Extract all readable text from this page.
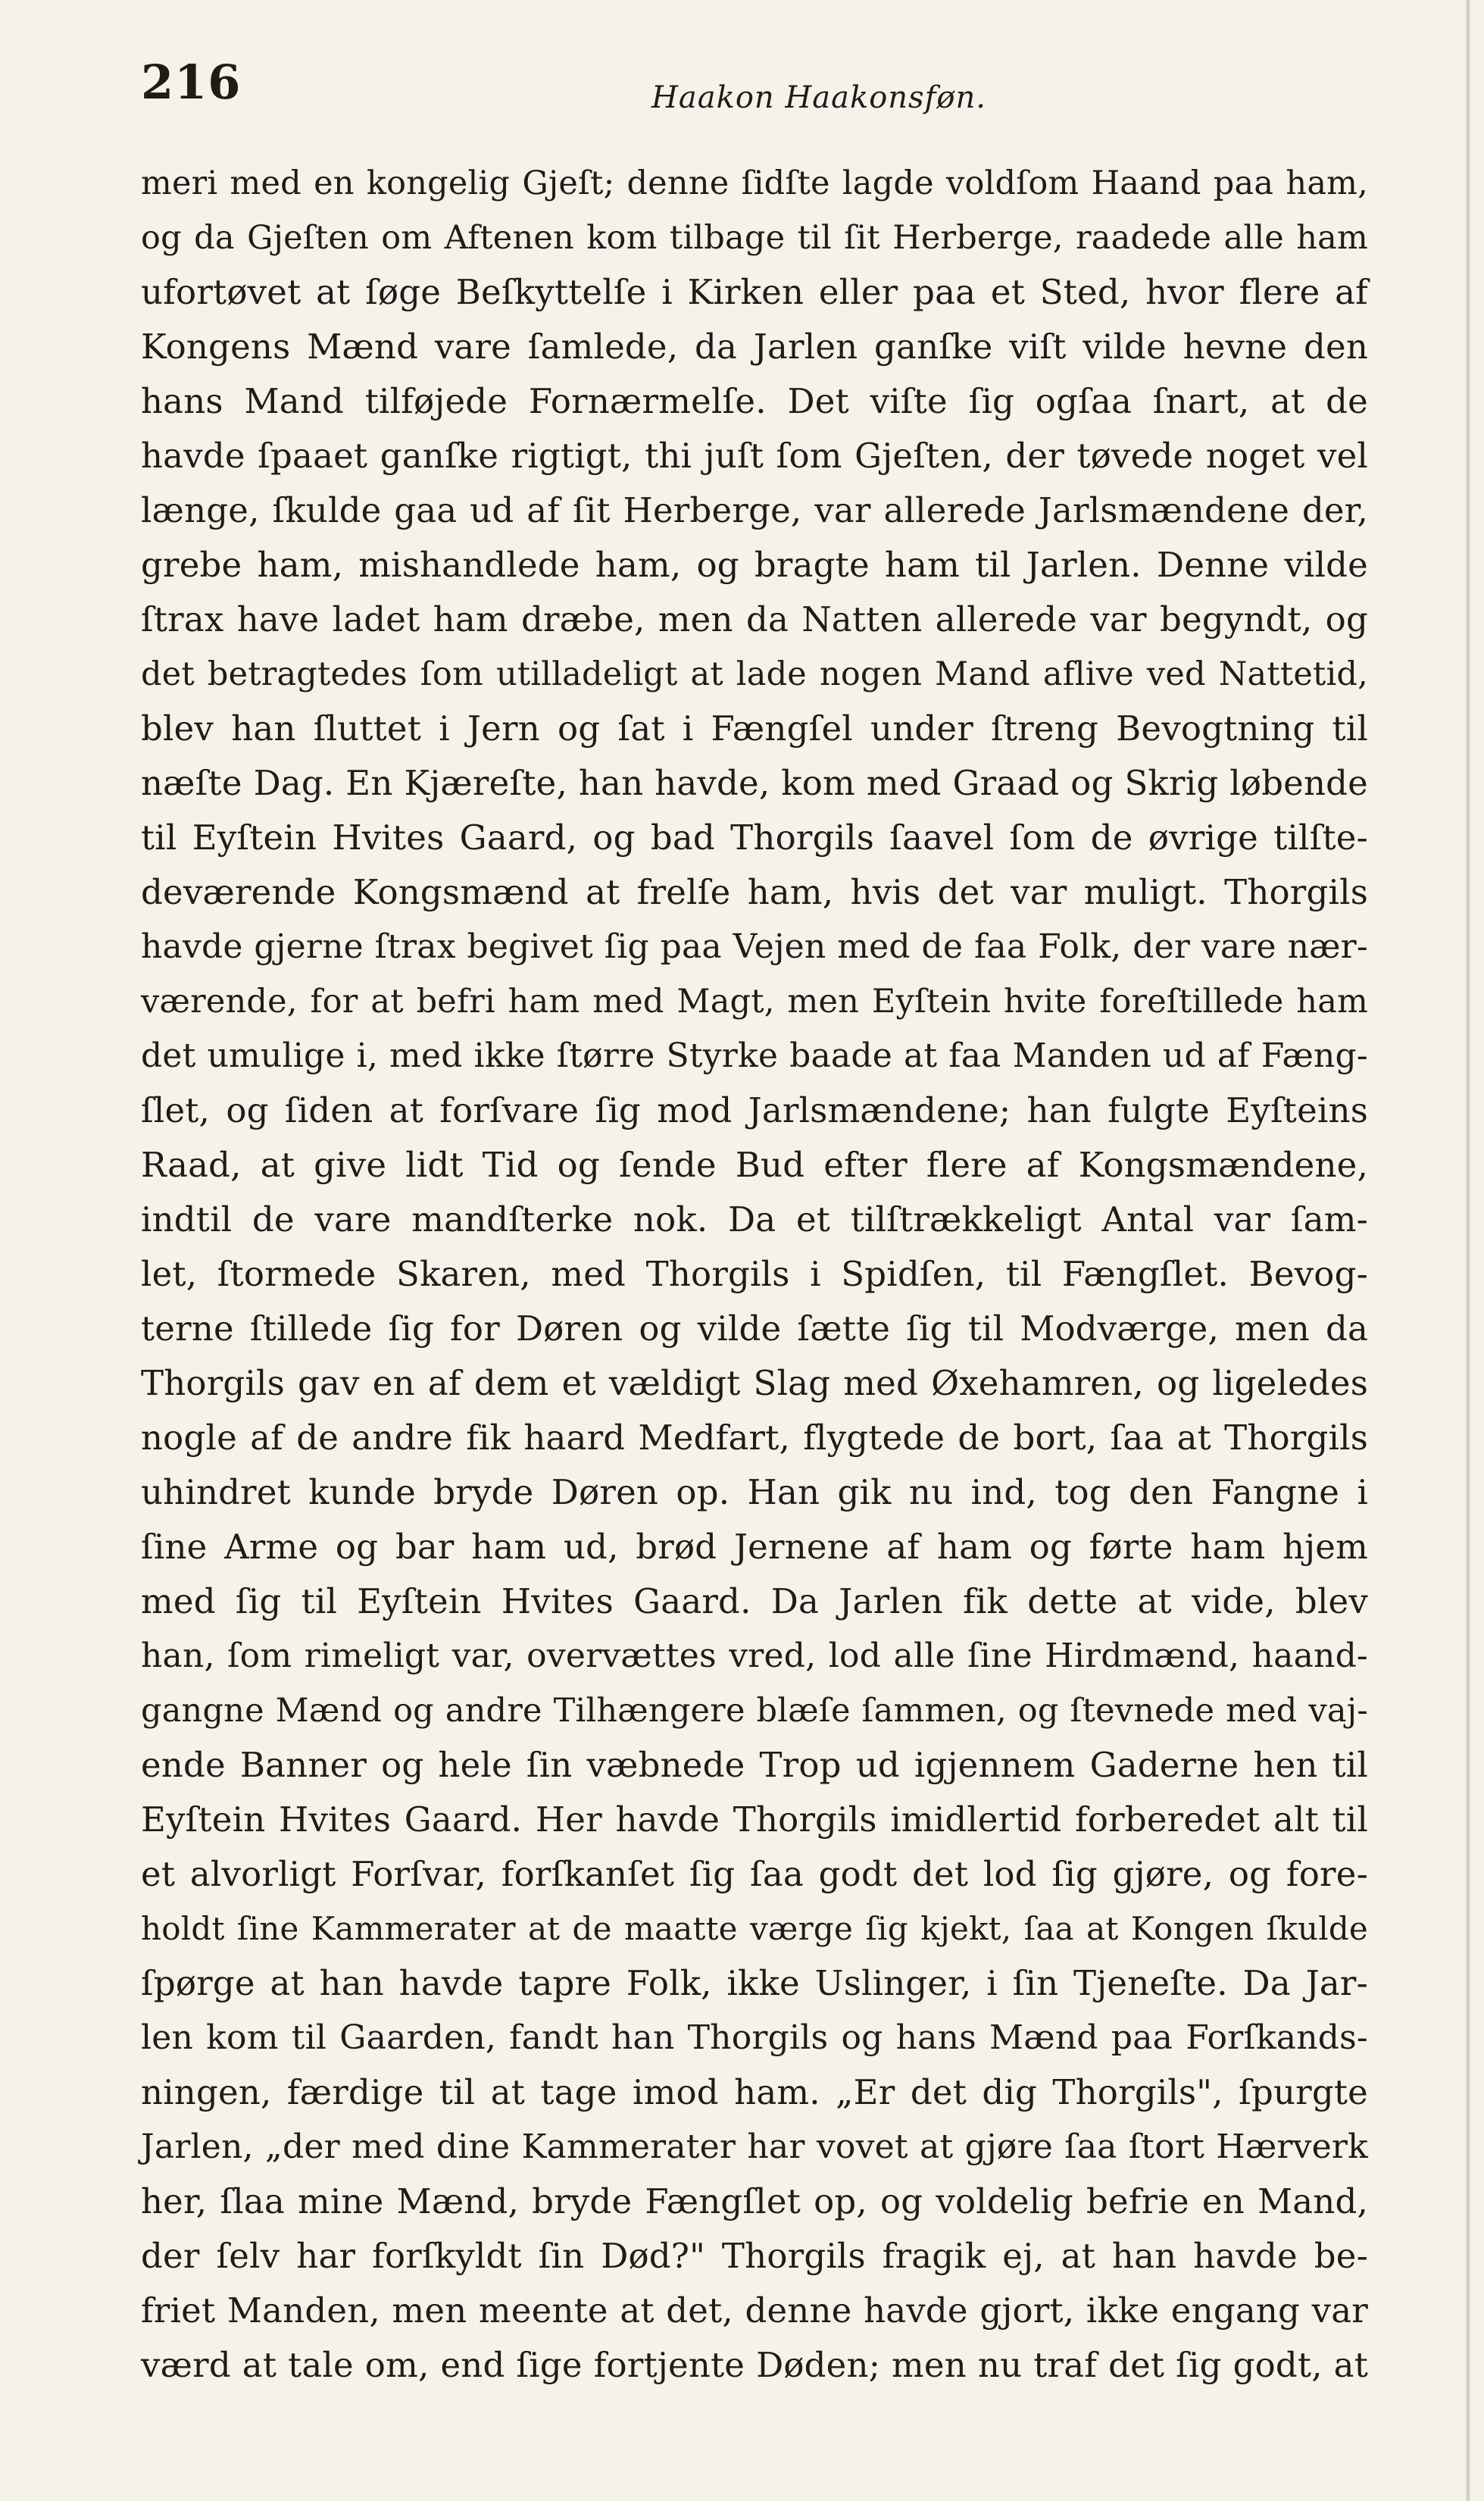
216	Haakon Haakonsføn.
meri med en kongelig Gjeſt; denne ſidſte lagde voldſom Haand paa ham,
og da Gjeſten om Aftenen kom tilbage til ſit Herberge, raadede alle ham
ufortøvet at ſøge Beſkyttelſe i Kirken eller paa et Sted, hvor flere af
Kongens Mænd vare ſamlede, da Jarlen ganſke viſt vilde hevne den
hans Mand tilføjede Fornærmelſe. Det viſte ſig ogſaa ſnart, at de
havde ſpaaet ganſke rigtigt, thi juſt ſom Gjeſten, der tøvede noget vel
længe, ſkulde gaa ud af ſit Herberge, var allerede Jarlsmændene der,
grebe ham, mishandlede ham, og bragte ham til Jarlen. Denne vilde
ſtrax have ladet ham dræbe, men da Natten allerede var begyndt, og
det betragtedes ſom utilladeligt at lade nogen Mand aflive ved Nattetid,
blev han ſluttet i Jern og ſat i Fængſel under ſtreng Bevogtning til
næſte Dag. En Kjæreſte, han havde, kom med Graad og Skrig løbende
til Eyſtein Hvites Gaard, og bad Thorgils ſaavel ſom de øvrige tilſte-
deværende Kongsmænd at frelſe ham, hvis det var muligt. Thorgils
havde gjerne ſtrax begivet ſig paa Vejen med de faa Folk, der vare nær-
værende, for at befri ham med Magt, men Eyſtein hvite foreſtillede ham
det umulige i, med ikke ſtørre Styrke baade at faa Manden ud af Fæng-
ſlet, og ſiden at forſvare ſig mod Jarlsmændene; han fulgte Eyſteins
Raad, at give lidt Tid og ſende Bud efter flere af Kongsmændene,
indtil de vare mandſterke nok. Da et tilſtrækkeligt Antal var ſam-
let, ſtormede Skaren, med Thorgils i Spidſen, til Fængſlet. Bevog-
terne ſtillede ſig for Døren og vilde ſætte ſig til Modværge, men da
Thorgils gav en af dem et vældigt Slag med Øxehamren, og ligeledes
nogle af de andre fik haard Medfart, flygtede de bort, ſaa at Thorgils
uhindret kunde bryde Døren op. Han gik nu ind, tog den Fangne i
ſine Arme og bar ham ud, brød Jernene af ham og førte ham hjem
med ſig til Eyſtein Hvites Gaard. Da Jarlen fik dette at vide, blev
han, ſom rimeligt var, overvættes vred, lod alle ſine Hirdmænd, haand-
gangne Mænd og andre Tilhængere blæſe ſammen, og ſtevnede med vaj-
ende Banner og hele ſin væbnede Trop ud igjennem Gaderne hen til
Eyſtein Hvites Gaard. Her havde Thorgils imidlertid forberedet alt til
et alvorligt Forſvar, forſkanſet ſig ſaa godt det lod ſig gjøre, og fore-
holdt ſine Kammerater at de maatte værge ſig kjekt, ſaa at Kongen ſkulde
ſpørge at han havde tapre Folk, ikke Uslinger, i ſin Tjeneſte. Da Jar-
len kom til Gaarden, fandt han Thorgils og hans Mænd paa Forſkands-
ningen, færdige til at tage imod ham. „Er det dig Thorgils", ſpurgte
Jarlen, „der med dine Kammerater har vovet at gjøre ſaa ſtort Hærverk
her, ſlaa mine Mænd, bryde Fængſlet op, og voldelig befrie en Mand,
der ſelv har forſkyldt ſin Død?" Thorgils fragik ej, at han havde be-
friet Manden, men meente at det, denne havde gjort, ikke engang var
værd at tale om, end ſige fortjente Døden; men nu traf det ſig godt, at
